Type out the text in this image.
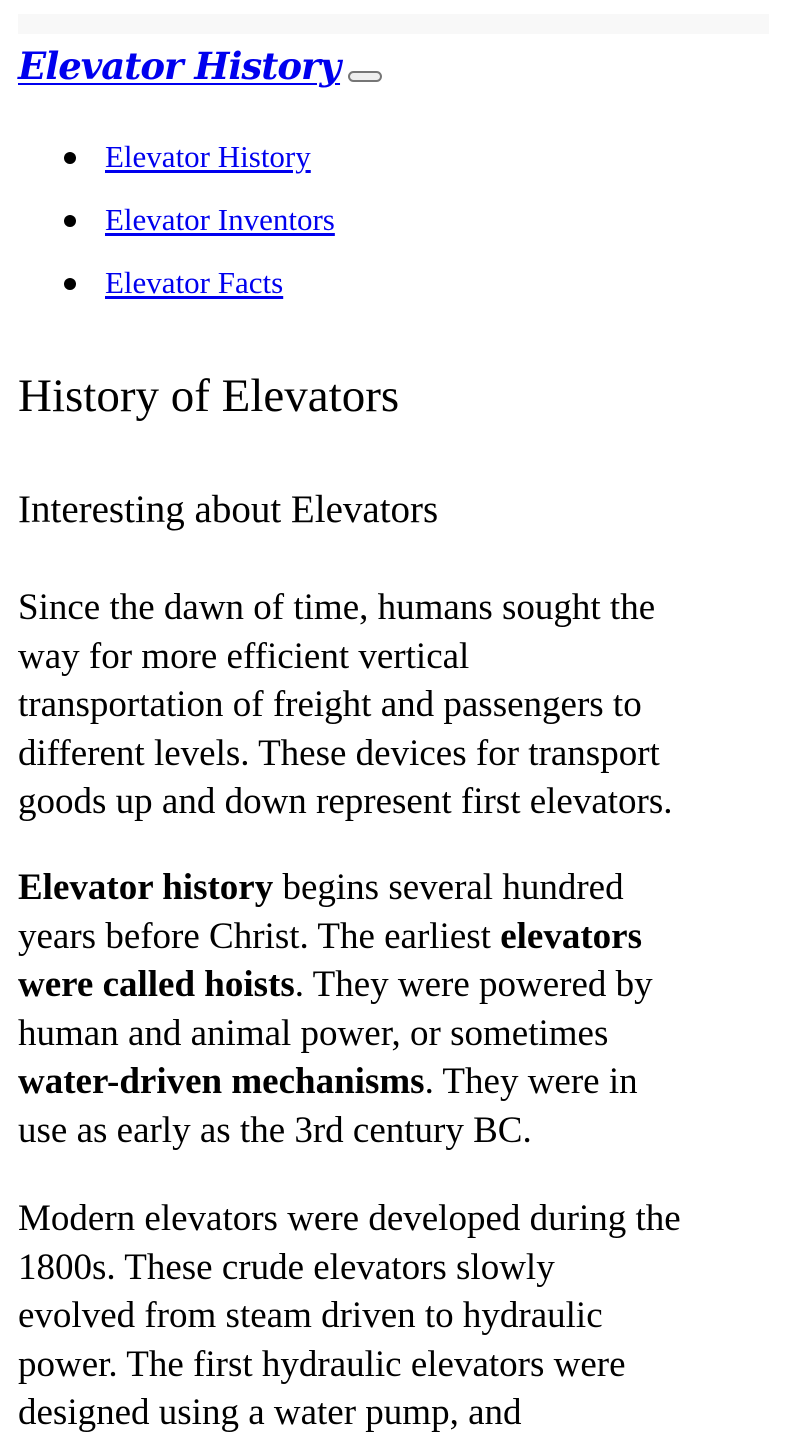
Elevator History
Elevator History
Elevator Inventors
Elevator Facts
History of Elevators
Interesting about Elevators

Since the dawn of time, humans sought the
way for more efficient vertical
transportation of freight and passengers to
different levels. These devices for transport
goods up and down represent first elevators.

Elevator history begins several hundred
years before Christ. The earliest elevators
were called hoists. They were powered by
human and animal power, or sometimes
water-driven mechanisms. They were in
use as early as the 3rd century BC.

Modern elevators were developed during the
1800s. These crude elevators slowly
evolved from steam driven to hydraulic
power. The first hydraulic elevators were
designed using a water pump, and
